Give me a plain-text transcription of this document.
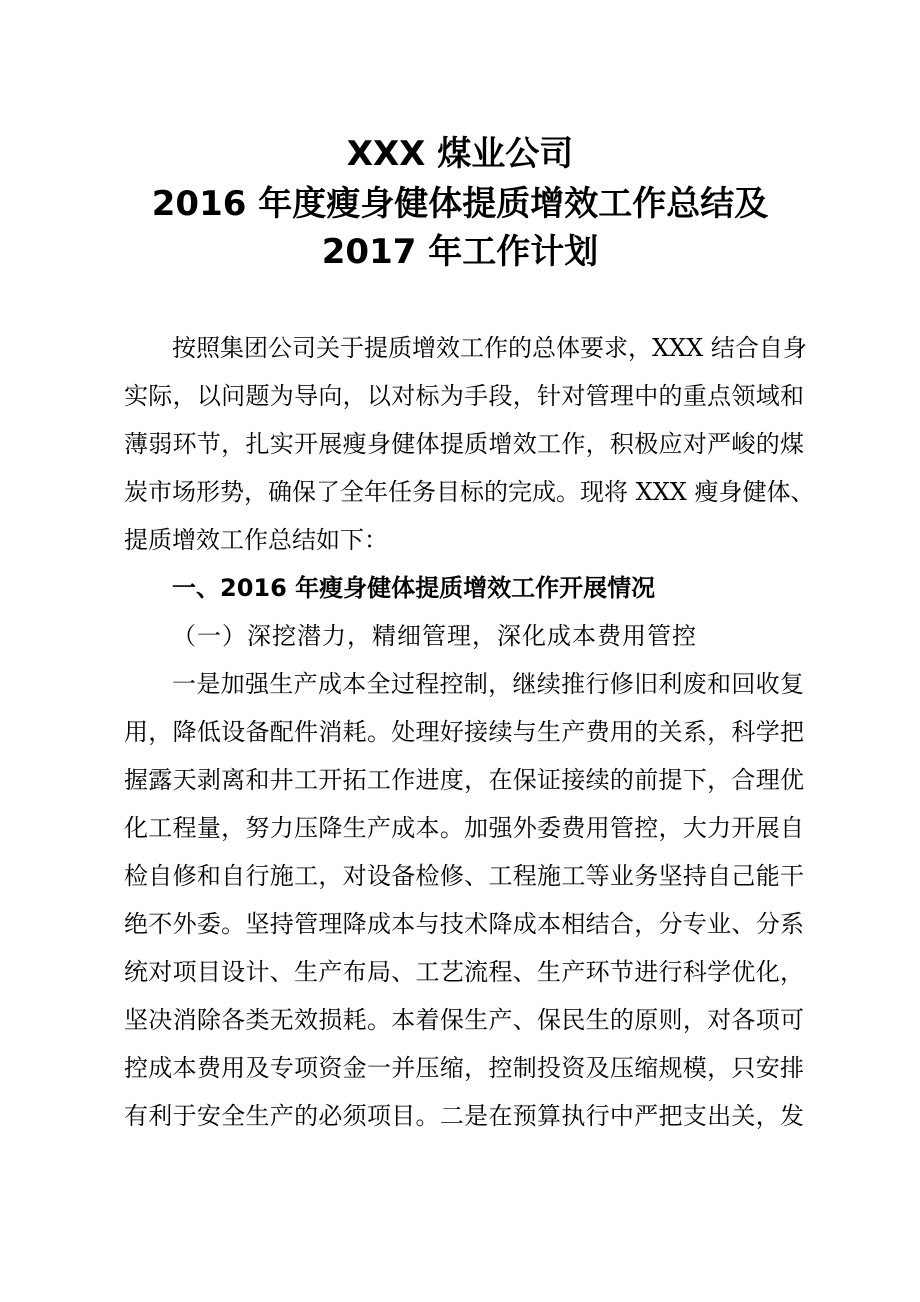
XXX 煤业公司
2016 年度瘦身健体提质增效工作总结及
2017 年工作计划
按照集团公司关于提质增效工作的总体要求，XXX 结合自身
实际，以问题为导向，以对标为手段，针对管理中的重点领域和
薄弱环节，扎实开展瘦身健体提质增效工作，积极应对严峻的煤
炭市场形势，确保了全年任务目标的完成。现将 XXX 瘦身健体、
提质增效工作总结如下：
一、2016 年瘦身健体提质增效工作开展情况
（一）深挖潜力，精细管理，深化成本费用管控
一是加强生产成本全过程控制，继续推行修旧利废和回收复
用，降低设备配件消耗。处理好接续与生产费用的关系，科学把
握露天剥离和井工开拓工作进度，在保证接续的前提下，合理优
化工程量，努力压降生产成本。加强外委费用管控，大力开展自
检自修和自行施工，对设备检修、工程施工等业务坚持自己能干
绝不外委。坚持管理降成本与技术降成本相结合，分专业、分系
统对项目设计、生产布局、工艺流程、生产环节进行科学优化，
坚决消除各类无效损耗。本着保生产、保民生的原则，对各项可
控成本费用及专项资金一并压缩，控制投资及压缩规模，只安排
有利于安全生产的必须项目。二是在预算执行中严把支出关，发
